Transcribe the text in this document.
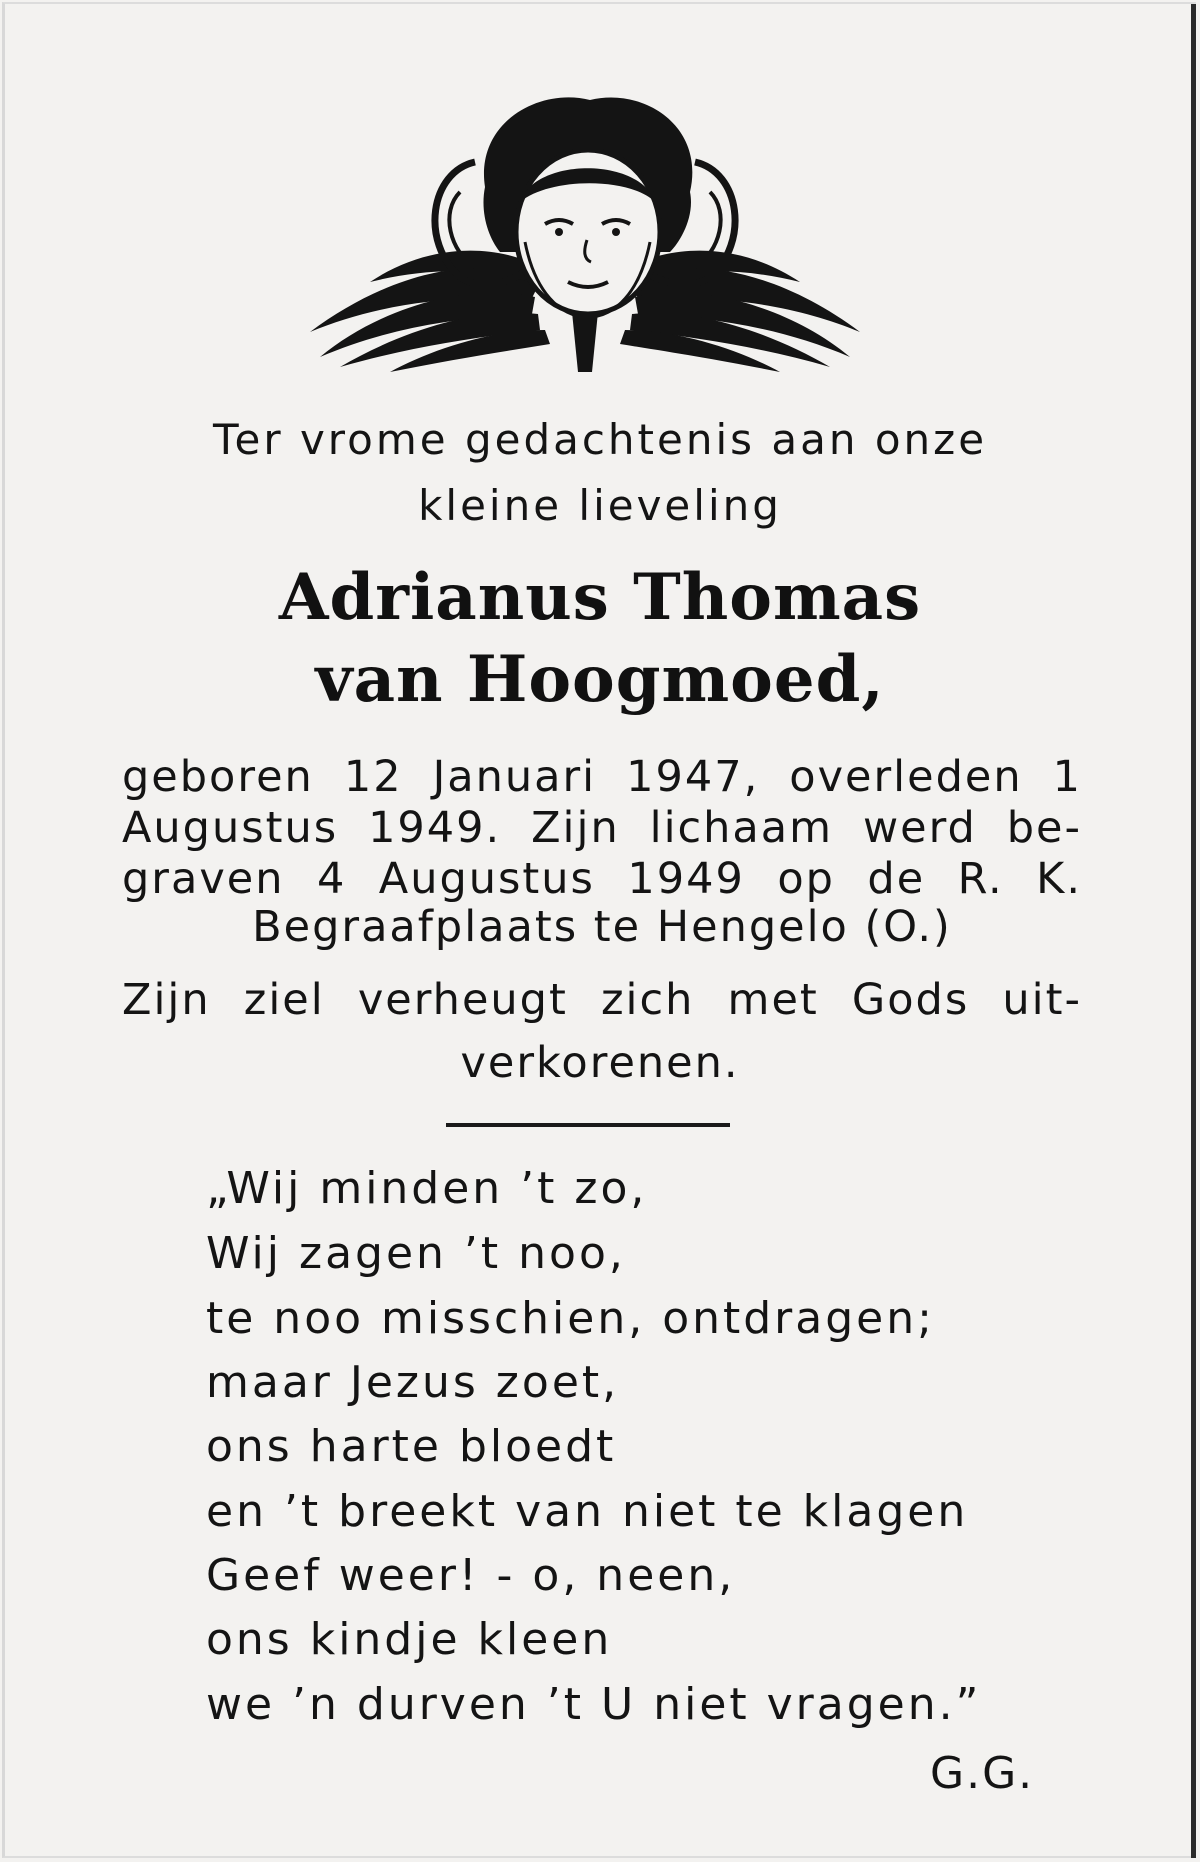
Ter vrome gedachtenis aan onze
kleine lieveling
Adrianus Thomas
van Hoogmoed,
geboren 12 Januari 1947, overleden 1
Augustus 1949. Zijn lichaam werd be-
graven 4 Augustus 1949 op de R. K.
Begraafplaats te Hengelo (O.)
Zijn ziel verheugt zich met Gods uit-
verkorenen.
„Wij minden ’t zo,
Wij zagen ’t noo,
te noo misschien, ontdragen;
maar Jezus zoet,
ons harte bloedt
en ’t breekt van niet te klagen
Geef weer! - o, neen,
ons kindje kleen
we ’n durven ’t U niet vragen.”
G.G.
